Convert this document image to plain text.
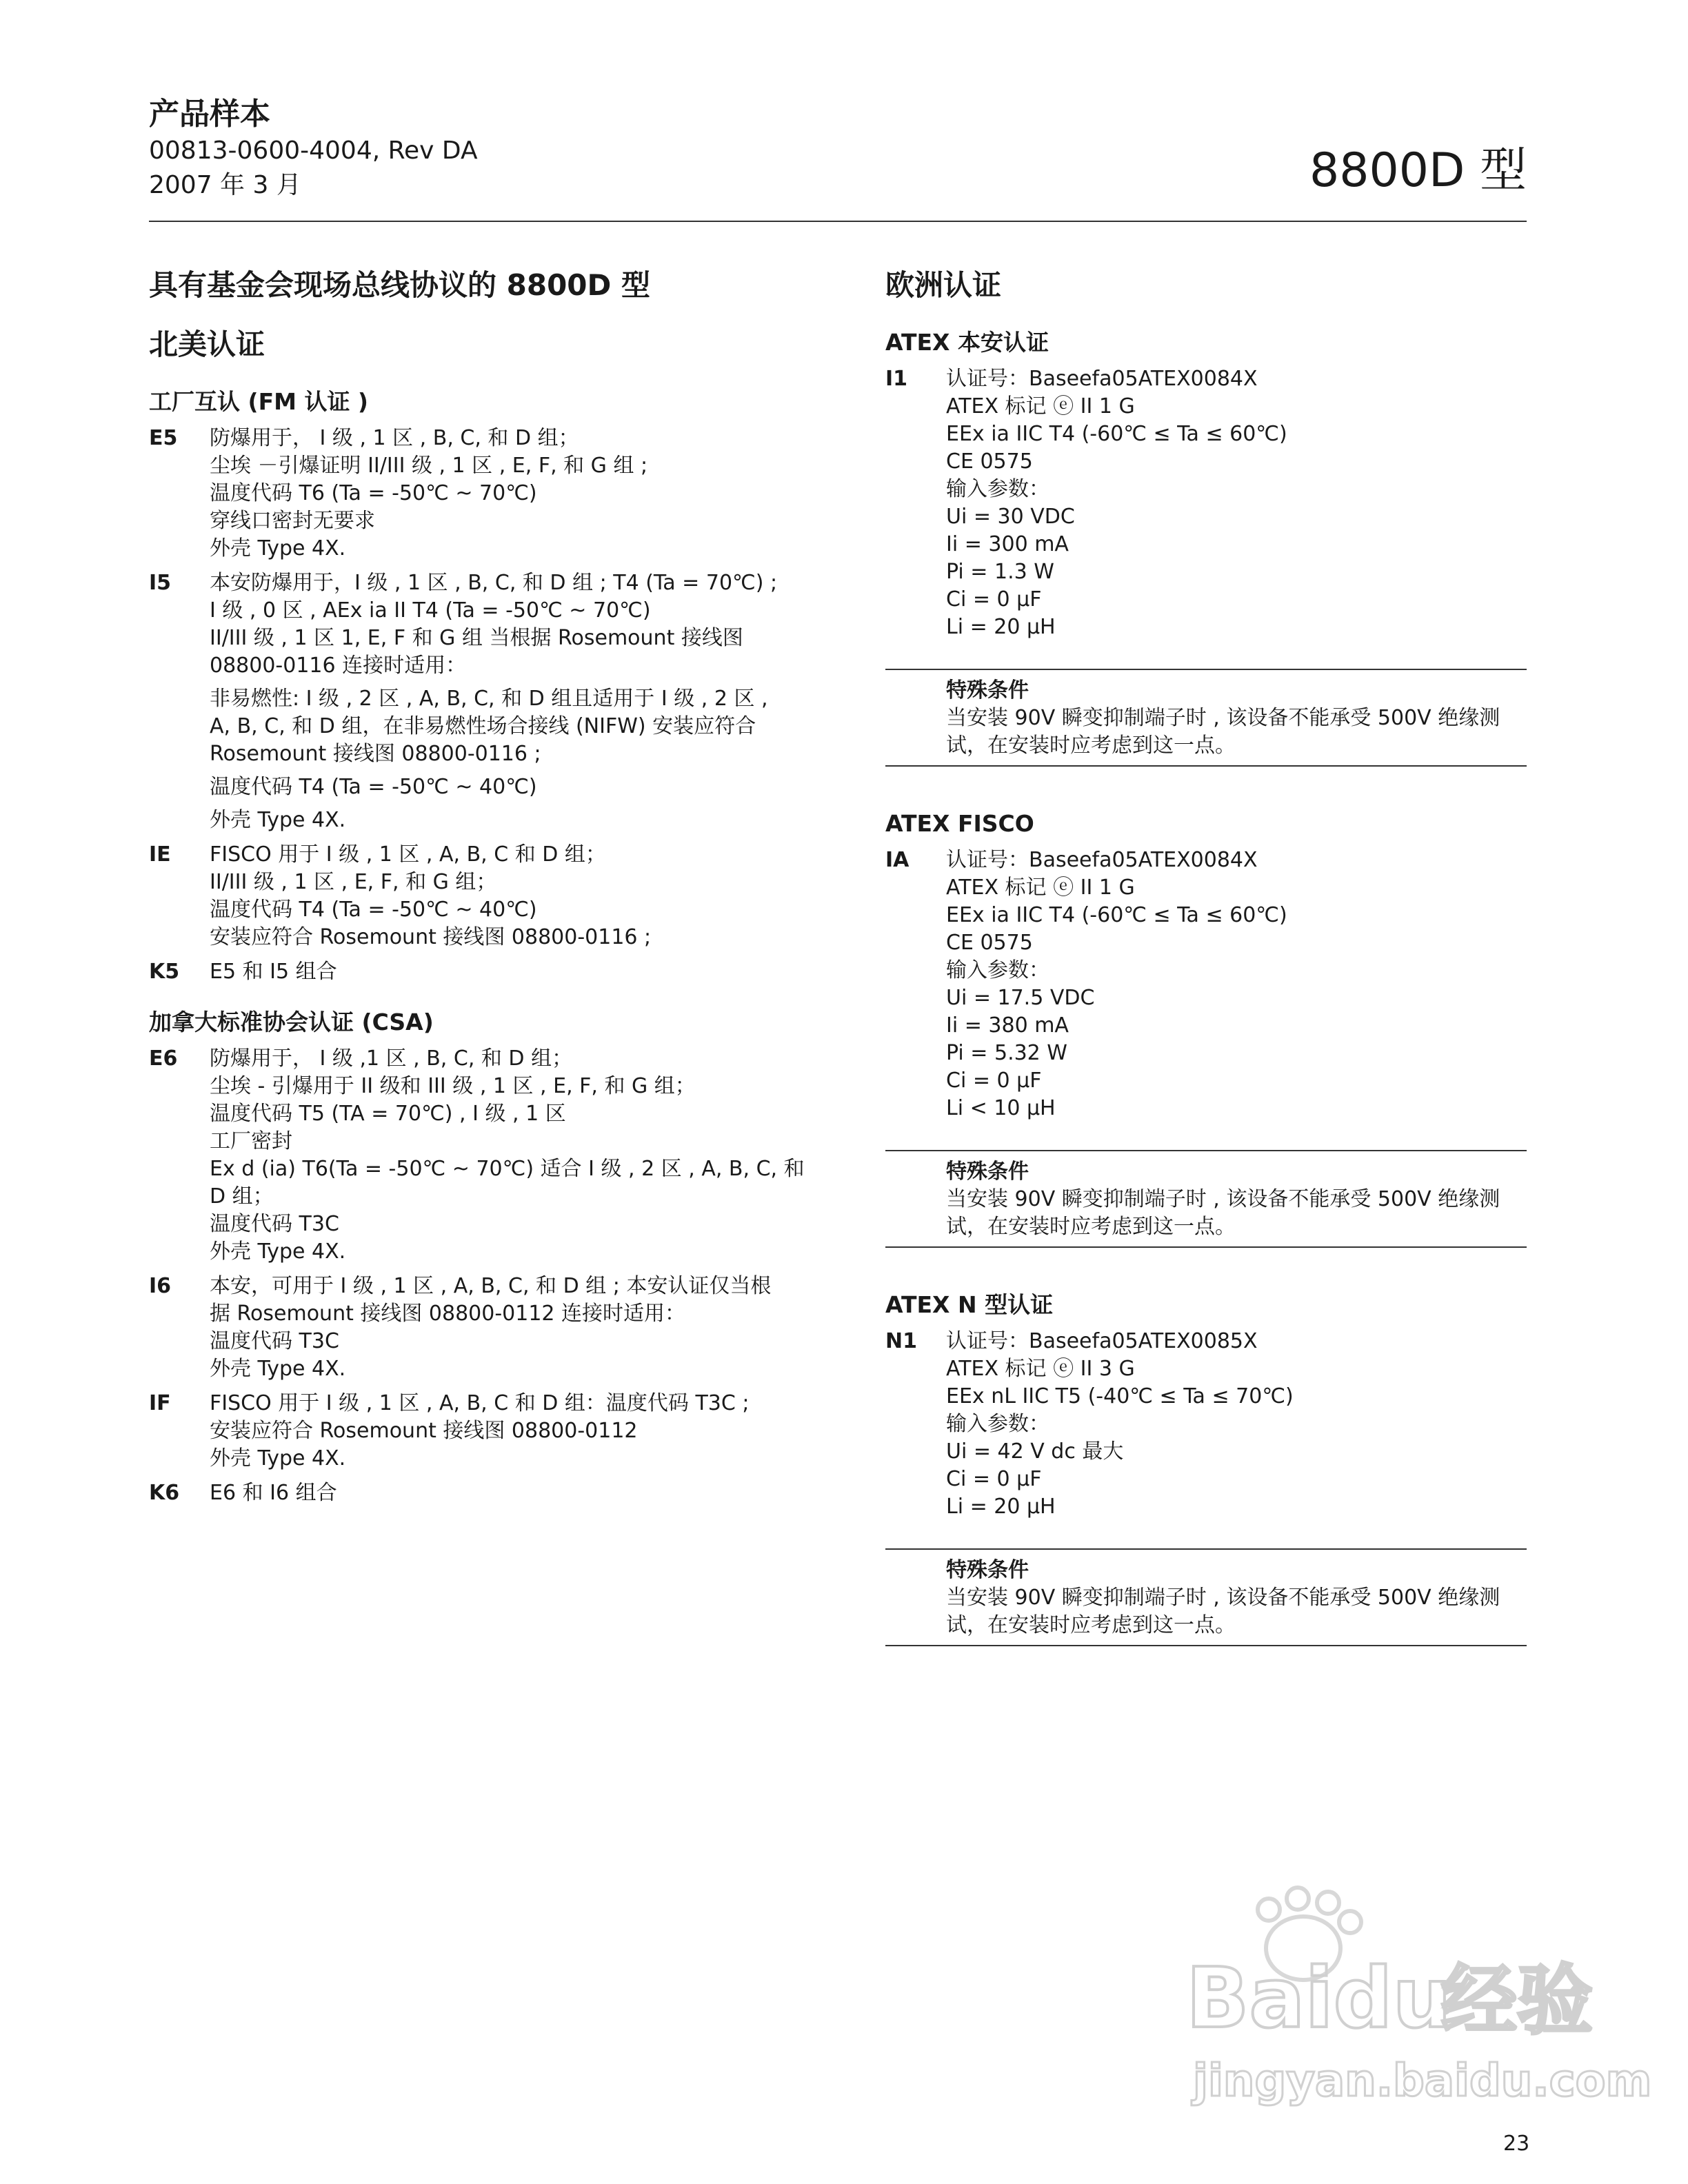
产品样本
00813-0600-4004, Rev DA
2007 年 3 月	8800D 型
具有基金会现场总线协议的 8800D 型
北美认证
工厂互认 (FM 认证 )
E5	防爆用于， I 级 , 1 区 , B, C, 和 D 组；
尘埃 －引爆证明 II/III 级 , 1 区 , E, F, 和 G 组 ;
温度代码 T6 (Ta = -50℃ ~ 70℃)
穿线口密封无要求
外壳 Type 4X.
I5	本安防爆用于，I 级 , 1 区 , B, C, 和 D 组 ; T4 (Ta = 70℃) ;
I 级 , 0 区 , AEx ia II T4 (Ta = -50℃ ~ 70℃)
II/III 级 , 1 区 1, E, F 和 G 组 当根据 Rosemount 接线图
08800-0116 连接时适用：
非易燃性: I 级 , 2 区 , A, B, C, 和 D 组且适用于 I 级 , 2 区 ,
A, B, C, 和 D 组，在非易燃性场合接线 (NIFW) 安装应符合
Rosemount 接线图 08800-0116 ;
温度代码 T4 (Ta = -50℃ ~ 40℃)
外壳 Type 4X.
IE	FISCO 用于 I 级 , 1 区 , A, B, C 和 D 组；
II/III 级 , 1 区 , E, F, 和 G 组；
温度代码 T4 (Ta = -50℃ ~ 40℃)
安装应符合 Rosemount 接线图 08800-0116 ;
K5	E5 和 I5 组合
加拿大标准协会认证 (CSA)
E6	防爆用于， I 级 ,1 区 , B, C, 和 D 组；
尘埃 - 引爆用于 II 级和 III 级 , 1 区 , E, F, 和 G 组；
温度代码 T5 (TA = 70℃) , I 级 , 1 区
工厂密封
Ex d (ia) T6(Ta = -50℃ ~ 70℃) 适合 I 级 , 2 区 , A, B, C, 和
D 组；
温度代码 T3C
外壳 Type 4X.
I6	本安，可用于 I 级 , 1 区 , A, B, C, 和 D 组 ; 本安认证仅当根
据 Rosemount 接线图 08800-0112 连接时适用：
温度代码 T3C
外壳 Type 4X.
IF	FISCO 用于 I 级 , 1 区 , A, B, C 和 D 组：温度代码 T3C ;
安装应符合 Rosemount 接线图 08800-0112
外壳 Type 4X.
K6	E6 和 I6 组合
欧洲认证
ATEX 本安认证
I1	认证号：Baseefa05ATEX0084X
ATEX 标记 ⓔ II 1 G
EEx ia IIC T4 (-60℃ ≤ Ta ≤ 60℃)
CE 0575
输入参数：
Ui = 30 VDC
Ii = 300 mA
Pi = 1.3 W
Ci = 0 μF
Li = 20 μH
特殊条件
当安装 90V 瞬变抑制端子时 , 该设备不能承受 500V 绝缘测试，在安装时应考虑到这一点。
ATEX FISCO
IA	认证号：Baseefa05ATEX0084X
ATEX 标记 ⓔ II 1 G
EEx ia IIC T4 (-60℃ ≤ Ta ≤ 60℃)
CE 0575
输入参数：
Ui = 17.5 VDC
Ii = 380 mA
Pi = 5.32 W
Ci = 0 μF
Li < 10 μH
特殊条件
当安装 90V 瞬变抑制端子时 , 该设备不能承受 500V 绝缘测试，在安装时应考虑到这一点。
ATEX N 型认证
N1	认证号：Baseefa05ATEX0085X
ATEX 标记 ⓔ II 3 G
EEx nL IIC T5 (-40℃ ≤ Ta ≤ 70℃)
输入参数：
Ui = 42 V dc 最大
Ci = 0 μF
Li = 20 μH
特殊条件
当安装 90V 瞬变抑制端子时 , 该设备不能承受 500V 绝缘测试，在安装时应考虑到这一点。
Baidu
经验
jingyan.baidu.com
23
